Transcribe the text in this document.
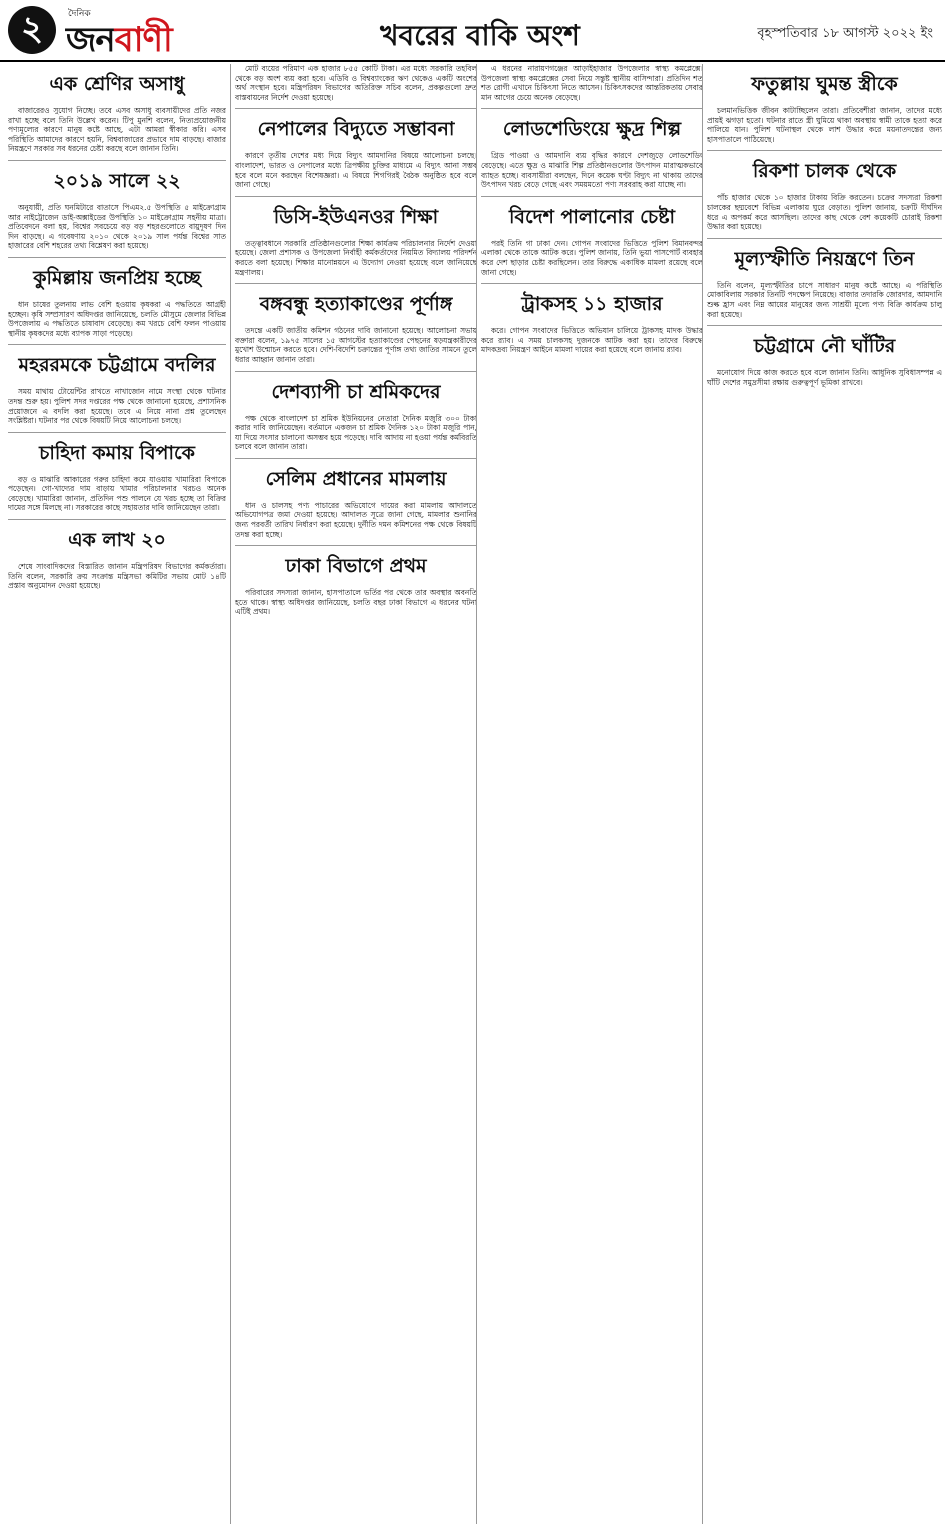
২	দৈনিক
জনবাণী	খবরের বাকি অংশ	বৃহস্পতিবার ১৮ আগস্ট ২০২২ ইং
এক শ্রেণির অসাধু

বাজারেরও সুযোগ নিচ্ছে। তবে এসব অসাধু ব্যবসায়ীদের প্রতি নজর রাখা হচ্ছে বলে তিনি উল্লেখ করেন। টিপু মুনশি বলেন, নিত্যপ্রয়োজনীয় পণ্যমূল্যের কারণে মানুষ কষ্টে আছে, এটা আমরা স্বীকার করি। এসব পরিস্থিতি আমাদের কারণে হয়নি, বিশ্ববাজারের প্রভাবে দাম বাড়ছে। বাজার নিয়ন্ত্রণে সরকার সব ধরনের চেষ্টা করছে বলে জানান তিনি।

২০১৯ সালে ২২

অনুযায়ী, প্রতি ঘনমিটারে বাতাসে পিএম২.৫ উপস্থিতি ৫ মাইক্রোগ্রাম আর নাইট্রোজেন ডাই-অক্সাইডের উপস্থিতি ১০ মাইক্রোগ্রাম সহনীয় মাত্রা। প্রতিবেদনে বলা হয়, বিশ্বের সবচেয়ে বড় বড় শহরগুলোতে বায়ুদূষণ দিন দিন বাড়ছে। এ গবেষণায় ২০১০ থেকে ২০১৯ সাল পর্যন্ত বিশ্বের সাত হাজারের বেশি শহরের তথ্য বিশ্লেষণ করা হয়েছে।

কুমিল্লায় জনপ্রিয় হচ্ছে

ধান চাষের তুলনায় লাভ বেশি হওয়ায় কৃষকরা এ পদ্ধতিতে আগ্রহী হচ্ছেন। কৃষি সম্প্রসারণ অধিদপ্তর জানিয়েছে, চলতি মৌসুমে জেলার বিভিন্ন উপজেলায় এ পদ্ধতিতে চাষাবাদ বেড়েছে। কম খরচে বেশি ফলন পাওয়ায় স্থানীয় কৃষকদের মধ্যে ব্যাপক সাড়া পড়েছে।

মহররমকে চট্টগ্রামে বদলির

সময় মাথায় টোয়েন্টির রাখতে নাখাজোন নামে সংস্থা থেকে ঘটনার তদন্ত শুরু হয়। পুলিশ সদর দপ্তরের পক্ষ থেকে জানানো হয়েছে, প্রশাসনিক প্রয়োজনে এ বদলি করা হয়েছে। তবে এ নিয়ে নানা প্রশ্ন তুলেছেন সংশ্লিষ্টরা। ঘটনার পর থেকে বিষয়টি নিয়ে আলোচনা চলছে।

চাহিদা কমায় বিপাকে

বড় ও মাঝারি আকারের গরুর চাহিদা কমে যাওয়ায় খামারিরা বিপাকে পড়েছেন। গো-খাদ্যের দাম বাড়ায় খামার পরিচালনার খরচও অনেক বেড়েছে। খামারিরা জানান, প্রতিদিন পশু পালনে যে খরচ হচ্ছে তা বিক্রির দামের সঙ্গে মিলছে না। সরকারের কাছে সহায়তার দাবি জানিয়েছেন তারা।

এক লাখ ২০

শেষে সাংবাদিকদের বিস্তারিত জানান মন্ত্রিপরিষদ বিভাগের কর্মকর্তারা। তিনি বলেন, সরকারি ক্রয় সংক্রান্ত মন্ত্রিসভা কমিটির সভায় মোট ১৪টি প্রস্তাব অনুমোদন দেওয়া হয়েছে।

মোট ব্যয়ের পরিমাণ এক হাজার ৮৫৫ কোটি টাকা। এর মধ্যে সরকারি তহবিল থেকে বড় অংশ ব্যয় করা হবে। এডিবি ও বিশ্বব্যাংকের ঋণ থেকেও একটি অংশের অর্থ সংস্থান হবে। মন্ত্রিপরিষদ বিভাগের অতিরিক্ত সচিব বলেন, প্রকল্পগুলো দ্রুত বাস্তবায়নের নির্দেশ দেওয়া হয়েছে।

নেপালের বিদ্যুতে সম্ভাবনা

কারণে তৃতীয় দেশের মধ্য দিয়ে বিদ্যুৎ আমদানির বিষয়ে আলোচনা চলছে। বাংলাদেশ, ভারত ও নেপালের মধ্যে ত্রিপক্ষীয় চুক্তির মাধ্যমে এ বিদ্যুৎ আনা সম্ভব হবে বলে মনে করছেন বিশেষজ্ঞরা। এ বিষয়ে শিগগিরই বৈঠক অনুষ্ঠিত হবে বলে জানা গেছে।

ডিসি-ইউএনওর শিক্ষা

তত্ত্বাবধানে সরকারি প্রতিষ্ঠানগুলোর শিক্ষা কার্যক্রম পরিচালনার নির্দেশ দেওয়া হয়েছে। জেলা প্রশাসক ও উপজেলা নির্বাহী কর্মকর্তাদের নিয়মিত বিদ্যালয় পরিদর্শন করতে বলা হয়েছে। শিক্ষার মানোন্নয়নে এ উদ্যোগ নেওয়া হয়েছে বলে জানিয়েছে মন্ত্রণালয়।

বঙ্গবন্ধু হত্যাকাণ্ডের পূর্ণাঙ্গ

তদন্তে একটি জাতীয় কমিশন গঠনের দাবি জানানো হয়েছে। আলোচনা সভায় বক্তারা বলেন, ১৯৭৫ সালের ১৫ আগস্টের হত্যাকাণ্ডের পেছনের ষড়যন্ত্রকারীদের মুখোশ উন্মোচন করতে হবে। দেশি-বিদেশি চক্রান্তের পূর্ণাঙ্গ তথ্য জাতির সামনে তুলে ধরার আহ্বান জানান তারা।

দেশব্যাপী চা শ্রমিকদের

পক্ষ থেকে বাংলাদেশ চা শ্রমিক ইউনিয়নের নেতারা দৈনিক মজুরি ৩০০ টাকা করার দাবি জানিয়েছেন। বর্তমানে একজন চা শ্রমিক দৈনিক ১২০ টাকা মজুরি পান, যা দিয়ে সংসার চালানো অসম্ভব হয়ে পড়েছে। দাবি আদায় না হওয়া পর্যন্ত কর্মবিরতি চলবে বলে জানান তারা।

সেলিম প্রধানের মামলায়

ধান ও চালসহ পণ্য পাচারের অভিযোগে দায়ের করা মামলায় আদালতে অভিযোগপত্র জমা দেওয়া হয়েছে। আদালত সূত্রে জানা গেছে, মামলার শুনানির জন্য পরবর্তী তারিখ নির্ধারণ করা হয়েছে। দুর্নীতি দমন কমিশনের পক্ষ থেকে বিষয়টি তদন্ত করা হচ্ছে।

ঢাকা বিভাগে প্রথম

পরিবারের সদস্যরা জানান, হাসপাতালে ভর্তির পর থেকে তার অবস্থার অবনতি হতে থাকে। স্বাস্থ্য অধিদপ্তর জানিয়েছে, চলতি বছর ঢাকা বিভাগে এ ধরনের ঘটনা এটিই প্রথম।

এ ধরনের নারায়ণগঞ্জের আড়াইহাজার উপজেলার স্বাস্থ্য কমপ্লেক্সে। উপজেলা স্বাস্থ্য কমপ্লেক্সের সেবা নিয়ে সন্তুষ্ট স্থানীয় বাসিন্দারা। প্রতিদিন শত শত রোগী এখানে চিকিৎসা নিতে আসেন। চিকিৎসকদের আন্তরিকতায় সেবার মান আগের চেয়ে অনেক বেড়েছে।

লোডশেডিংয়ে ক্ষুদ্র শিল্প

গ্রিড পাওয়া ও আমদানি ব্যয় বৃদ্ধির কারণে দেশজুড়ে লোডশেডিং বেড়েছে। এতে ক্ষুদ্র ও মাঝারি শিল্প প্রতিষ্ঠানগুলোর উৎপাদন মারাত্মকভাবে ব্যাহত হচ্ছে। ব্যবসায়ীরা বলছেন, দিনে কয়েক ঘণ্টা বিদ্যুৎ না থাকায় তাদের উৎপাদন খরচ বেড়ে গেছে এবং সময়মতো পণ্য সরবরাহ করা যাচ্ছে না।

বিদেশ পালানোর চেষ্টা

পরই তিনি গা ঢাকা দেন। গোপন সংবাদের ভিত্তিতে পুলিশ বিমানবন্দর এলাকা থেকে তাকে আটক করে। পুলিশ জানায়, তিনি ভুয়া পাসপোর্ট ব্যবহার করে দেশ ছাড়ার চেষ্টা করছিলেন। তার বিরুদ্ধে একাধিক মামলা রয়েছে বলে জানা গেছে।

ট্রাকসহ ১১ হাজার

করে। গোপন সংবাদের ভিত্তিতে অভিযান চালিয়ে ট্রাকসহ মাদক উদ্ধার করে র‍্যাব। এ সময় চালকসহ দুজনকে আটক করা হয়। তাদের বিরুদ্ধে মাদকদ্রব্য নিয়ন্ত্রণ আইনে মামলা দায়ের করা হয়েছে বলে জানায় র‍্যাব।

ফতুল্লায় ঘুমন্ত স্ত্রীকে

চলমানভিত্তিক জীবন কাটাচ্ছিলেন তারা। প্রতিবেশীরা জানান, তাদের মধ্যে প্রায়ই ঝগড়া হতো। ঘটনার রাতে স্ত্রী ঘুমিয়ে থাকা অবস্থায় স্বামী তাকে হত্যা করে পালিয়ে যান। পুলিশ ঘটনাস্থল থেকে লাশ উদ্ধার করে ময়নাতদন্তের জন্য হাসপাতালে পাঠিয়েছে।

রিকশা চালক থেকে

পাঁচ হাজার থেকে ১০ হাজার টাকায় বিক্রি করতেন। চক্রের সদস্যরা রিকশা চালকের ছদ্মবেশে বিভিন্ন এলাকায় ঘুরে বেড়াত। পুলিশ জানায়, চক্রটি দীর্ঘদিন ধরে এ অপকর্ম করে আসছিল। তাদের কাছ থেকে বেশ কয়েকটি চোরাই রিকশা উদ্ধার করা হয়েছে।

মূল্যস্ফীতি নিয়ন্ত্রণে তিন

তিনি বলেন, মূল্যস্ফীতির চাপে সাধারণ মানুষ কষ্টে আছে। এ পরিস্থিতি মোকাবিলায় সরকার তিনটি পদক্ষেপ নিয়েছে। বাজার তদারকি জোরদার, আমদানি শুল্ক হ্রাস এবং নিম্ন আয়ের মানুষের জন্য সাশ্রয়ী মূল্যে পণ্য বিক্রি কার্যক্রম চালু করা হয়েছে।

চট্টগ্রামে নৌ ঘাঁটির

মনোযোগ দিয়ে কাজ করতে হবে বলে জানান তিনি। আধুনিক সুবিধাসম্পন্ন এ ঘাঁটি দেশের সমুদ্রসীমা রক্ষায় গুরুত্বপূর্ণ ভূমিকা রাখবে।
